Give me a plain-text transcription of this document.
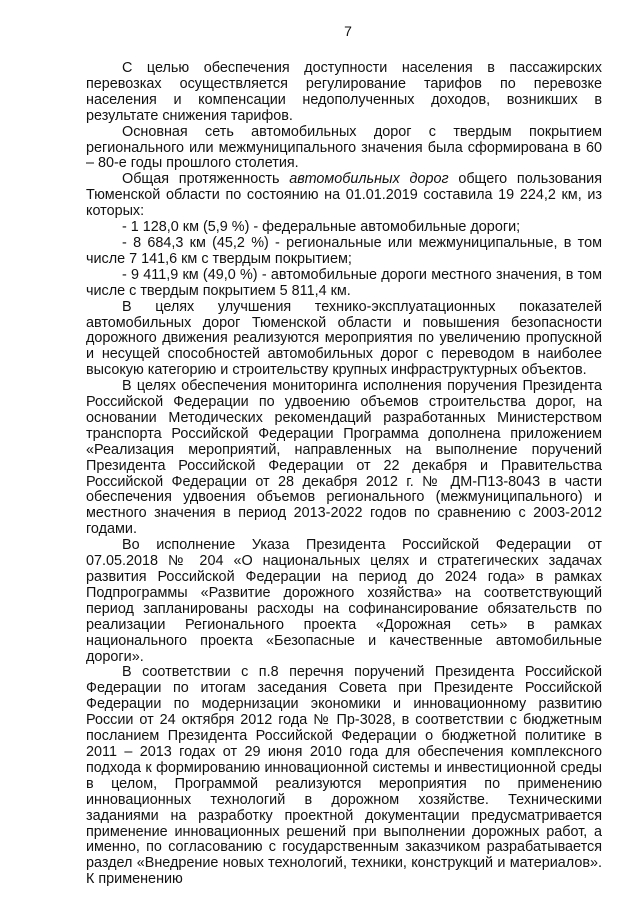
7

С целью обеспечения доступности населения в пассажирских перевозках осуществляется регулирование тарифов по перевозке населения и компенсации недополученных доходов, возникших в результате снижения тарифов.

Основная сеть автомобильных дорог с твердым покрытием регионального или межмуниципального значения была сформирована в 60 – 80-е годы прошлого столетия.

Общая протяженность автомобильных дорог общего пользования Тюменской области по состоянию на 01.01.2019 составила 19 224,2 км, из которых:

- 1 128,0 км (5,9 %) - федеральные автомобильные дороги;

- 8 684,3 км (45,2 %) - региональные или межмуниципальные, в том числе 7 141,6 км с твердым покрытием;

- 9 411,9 км (49,0 %) - автомобильные дороги местного значения, в том числе с твердым покрытием 5 811,4 км.

В целях улучшения технико-эксплуатационных показателей автомобильных дорог Тюменской области и повышения безопасности дорожного движения реализуются мероприятия по увеличению пропускной и несущей способностей автомобильных дорог с переводом в наиболее высокую категорию и строительству крупных инфраструктурных объектов.

В целях обеспечения мониторинга исполнения поручения Президента Российской Федерации по удвоению объемов строительства дорог, на основании Методических рекомендаций разработанных Министерством транспорта Российской Федерации Программа дополнена приложением «Реализация мероприятий, направленных на выполнение поручений Президента Российской Федерации от 22 декабря и Правительства Российской Федерации от 28 декабря 2012 г. № ДМ-П13-8043 в части обеспечения удвоения объемов регионального (межмуниципального) и местного значения в период 2013-2022 годов по сравнению с 2003-2012 годами.

Во исполнение Указа Президента Российской Федерации от 07.05.2018 № 204 «О национальных целях и стратегических задачах развития Российской Федерации на период до 2024 года» в рамках Подпрограммы «Развитие дорожного хозяйства» на соответствующий период запланированы расходы на софинансирование обязательств по реализации Регионального проекта «Дорожная сеть» в рамках национального проекта «Безопасные и качественные автомобильные дороги».

В соответствии с п.8 перечня поручений Президента Российской Федерации по итогам заседания Совета при Президенте Российской Федерации по модернизации экономики и инновационному развитию России от 24 октября 2012 года № Пр-3028, в соответствии с бюджетным посланием Президента Российской Федерации о бюджетной политике в 2011 – 2013 годах от 29 июня 2010 года для обеспечения комплексного подхода к формированию инновационной системы и инвестиционной среды в целом, Программой реализуются мероприятия по применению инновационных технологий в дорожном хозяйстве. Техническими заданиями на разработку проектной документации предусматривается применение инновационных решений при выполнении дорожных работ, а именно, по согласованию с государственным заказчиком разрабатывается раздел «Внедрение новых технологий, техники, конструкций и материалов». К применению
